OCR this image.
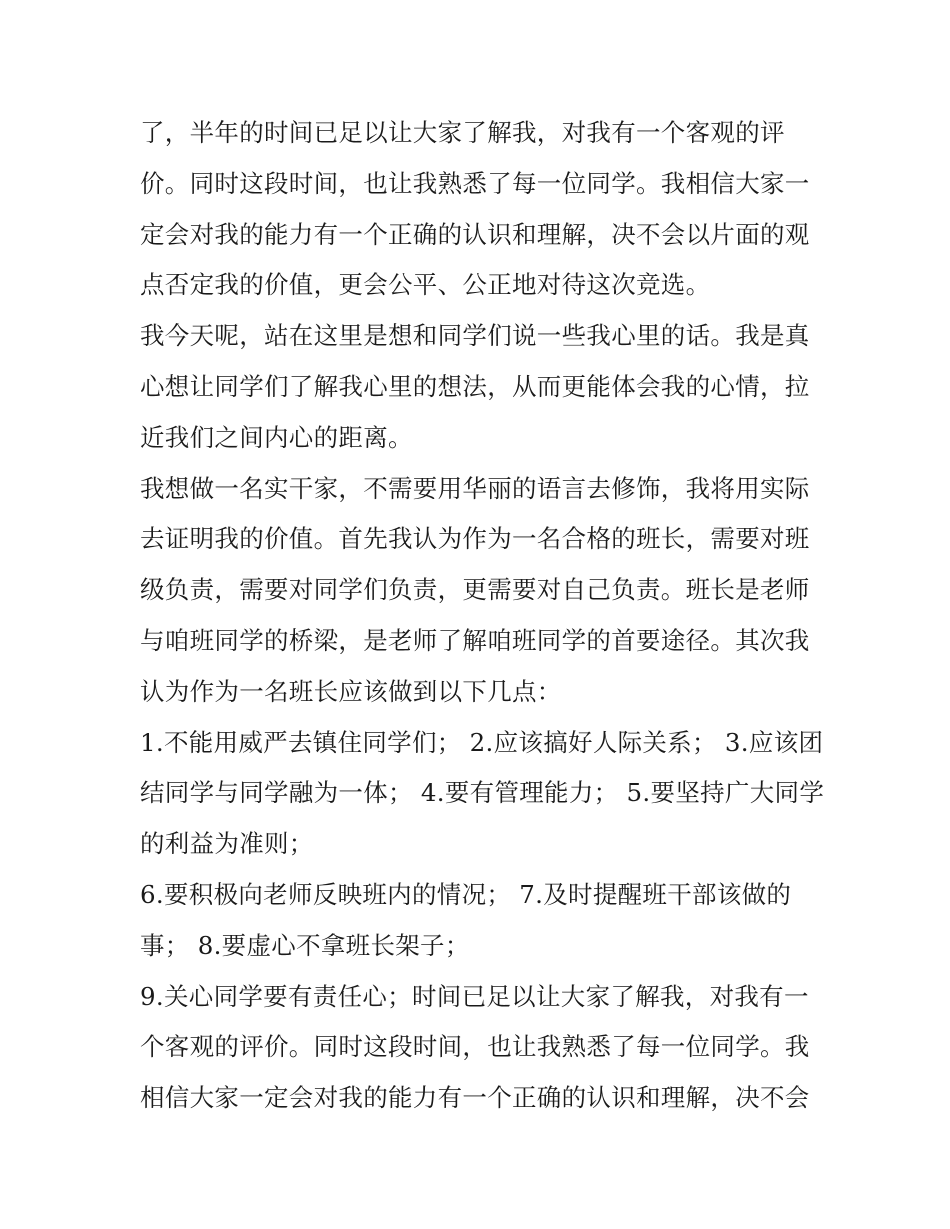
了，半年的时间已足以让大家了解我，对我有一个客观的评
价。同时这段时间，也让我熟悉了每一位同学。我相信大家一
定会对我的能力有一个正确的认识和理解，决不会以片面的观
点否定我的价值，更会公平、公正地对待这次竞选。
我今天呢，站在这里是想和同学们说一些我心里的话。我是真
心想让同学们了解我心里的想法，从而更能体会我的心情，拉
近我们之间内心的距离。
我想做一名实干家，不需要用华丽的语言去修饰，我将用实际
去证明我的价值。首先我认为作为一名合格的班长，需要对班
级负责，需要对同学们负责，更需要对自己负责。班长是老师
与咱班同学的桥梁，是老师了解咱班同学的首要途径。其次我
认为作为一名班长应该做到以下几点：
1.不能用威严去镇住同学们； 2.应该搞好人际关系； 3.应该团
结同学与同学融为一体； 4.要有管理能力； 5.要坚持广大同学
的利益为准则；
6.要积极向老师反映班内的情况； 7.及时提醒班干部该做的
事； 8.要虚心不拿班长架子；
9.关心同学要有责任心；时间已足以让大家了解我，对我有一
个客观的评价。同时这段时间，也让我熟悉了每一位同学。我
相信大家一定会对我的能力有一个正确的认识和理解，决不会
